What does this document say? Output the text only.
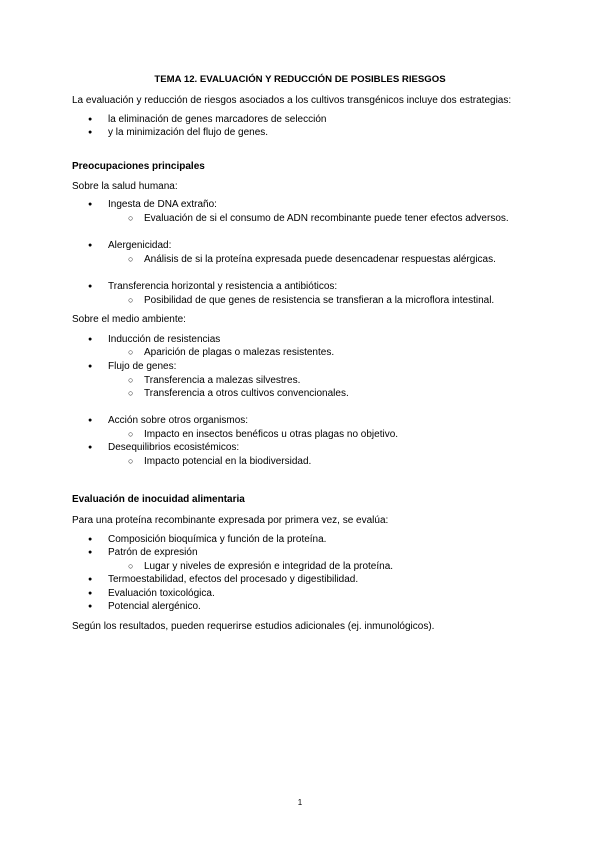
TEMA 12. EVALUACIÓN Y REDUCCIÓN DE POSIBLES RIESGOS
La evaluación y reducción de riesgos asociados a los cultivos transgénicos incluye dos estrategias:
● la eliminación de genes marcadores de selección
● y la minimización del flujo de genes.
Preocupaciones principales
Sobre la salud humana:
● Ingesta de DNA extraño:
○ Evaluación de si el consumo de ADN recombinante puede tener efectos adversos.
● Alergenicidad:
○ Análisis de si la proteína expresada puede desencadenar respuestas alérgicas.
● Transferencia horizontal y resistencia a antibióticos:
○ Posibilidad de que genes de resistencia se transfieran a la microflora intestinal.
Sobre el medio ambiente:
● Inducción de resistencias
○ Aparición de plagas o malezas resistentes.
● Flujo de genes:
○ Transferencia a malezas silvestres.
○ Transferencia a otros cultivos convencionales.
● Acción sobre otros organismos:
○ Impacto en insectos benéficos u otras plagas no objetivo.
● Desequilibrios ecosistémicos:
○ Impacto potencial en la biodiversidad.
Evaluación de inocuidad alimentaria
Para una proteína recombinante expresada por primera vez, se evalúa:
● Composición bioquímica y función de la proteína.
● Patrón de expresión
○ Lugar y niveles de expresión e integridad de la proteína.
● Termoestabilidad, efectos del procesado y digestibilidad.
● Evaluación toxicológica.
● Potencial alergénico.
Según los resultados, pueden requerirse estudios adicionales (ej. inmunológicos).
1
